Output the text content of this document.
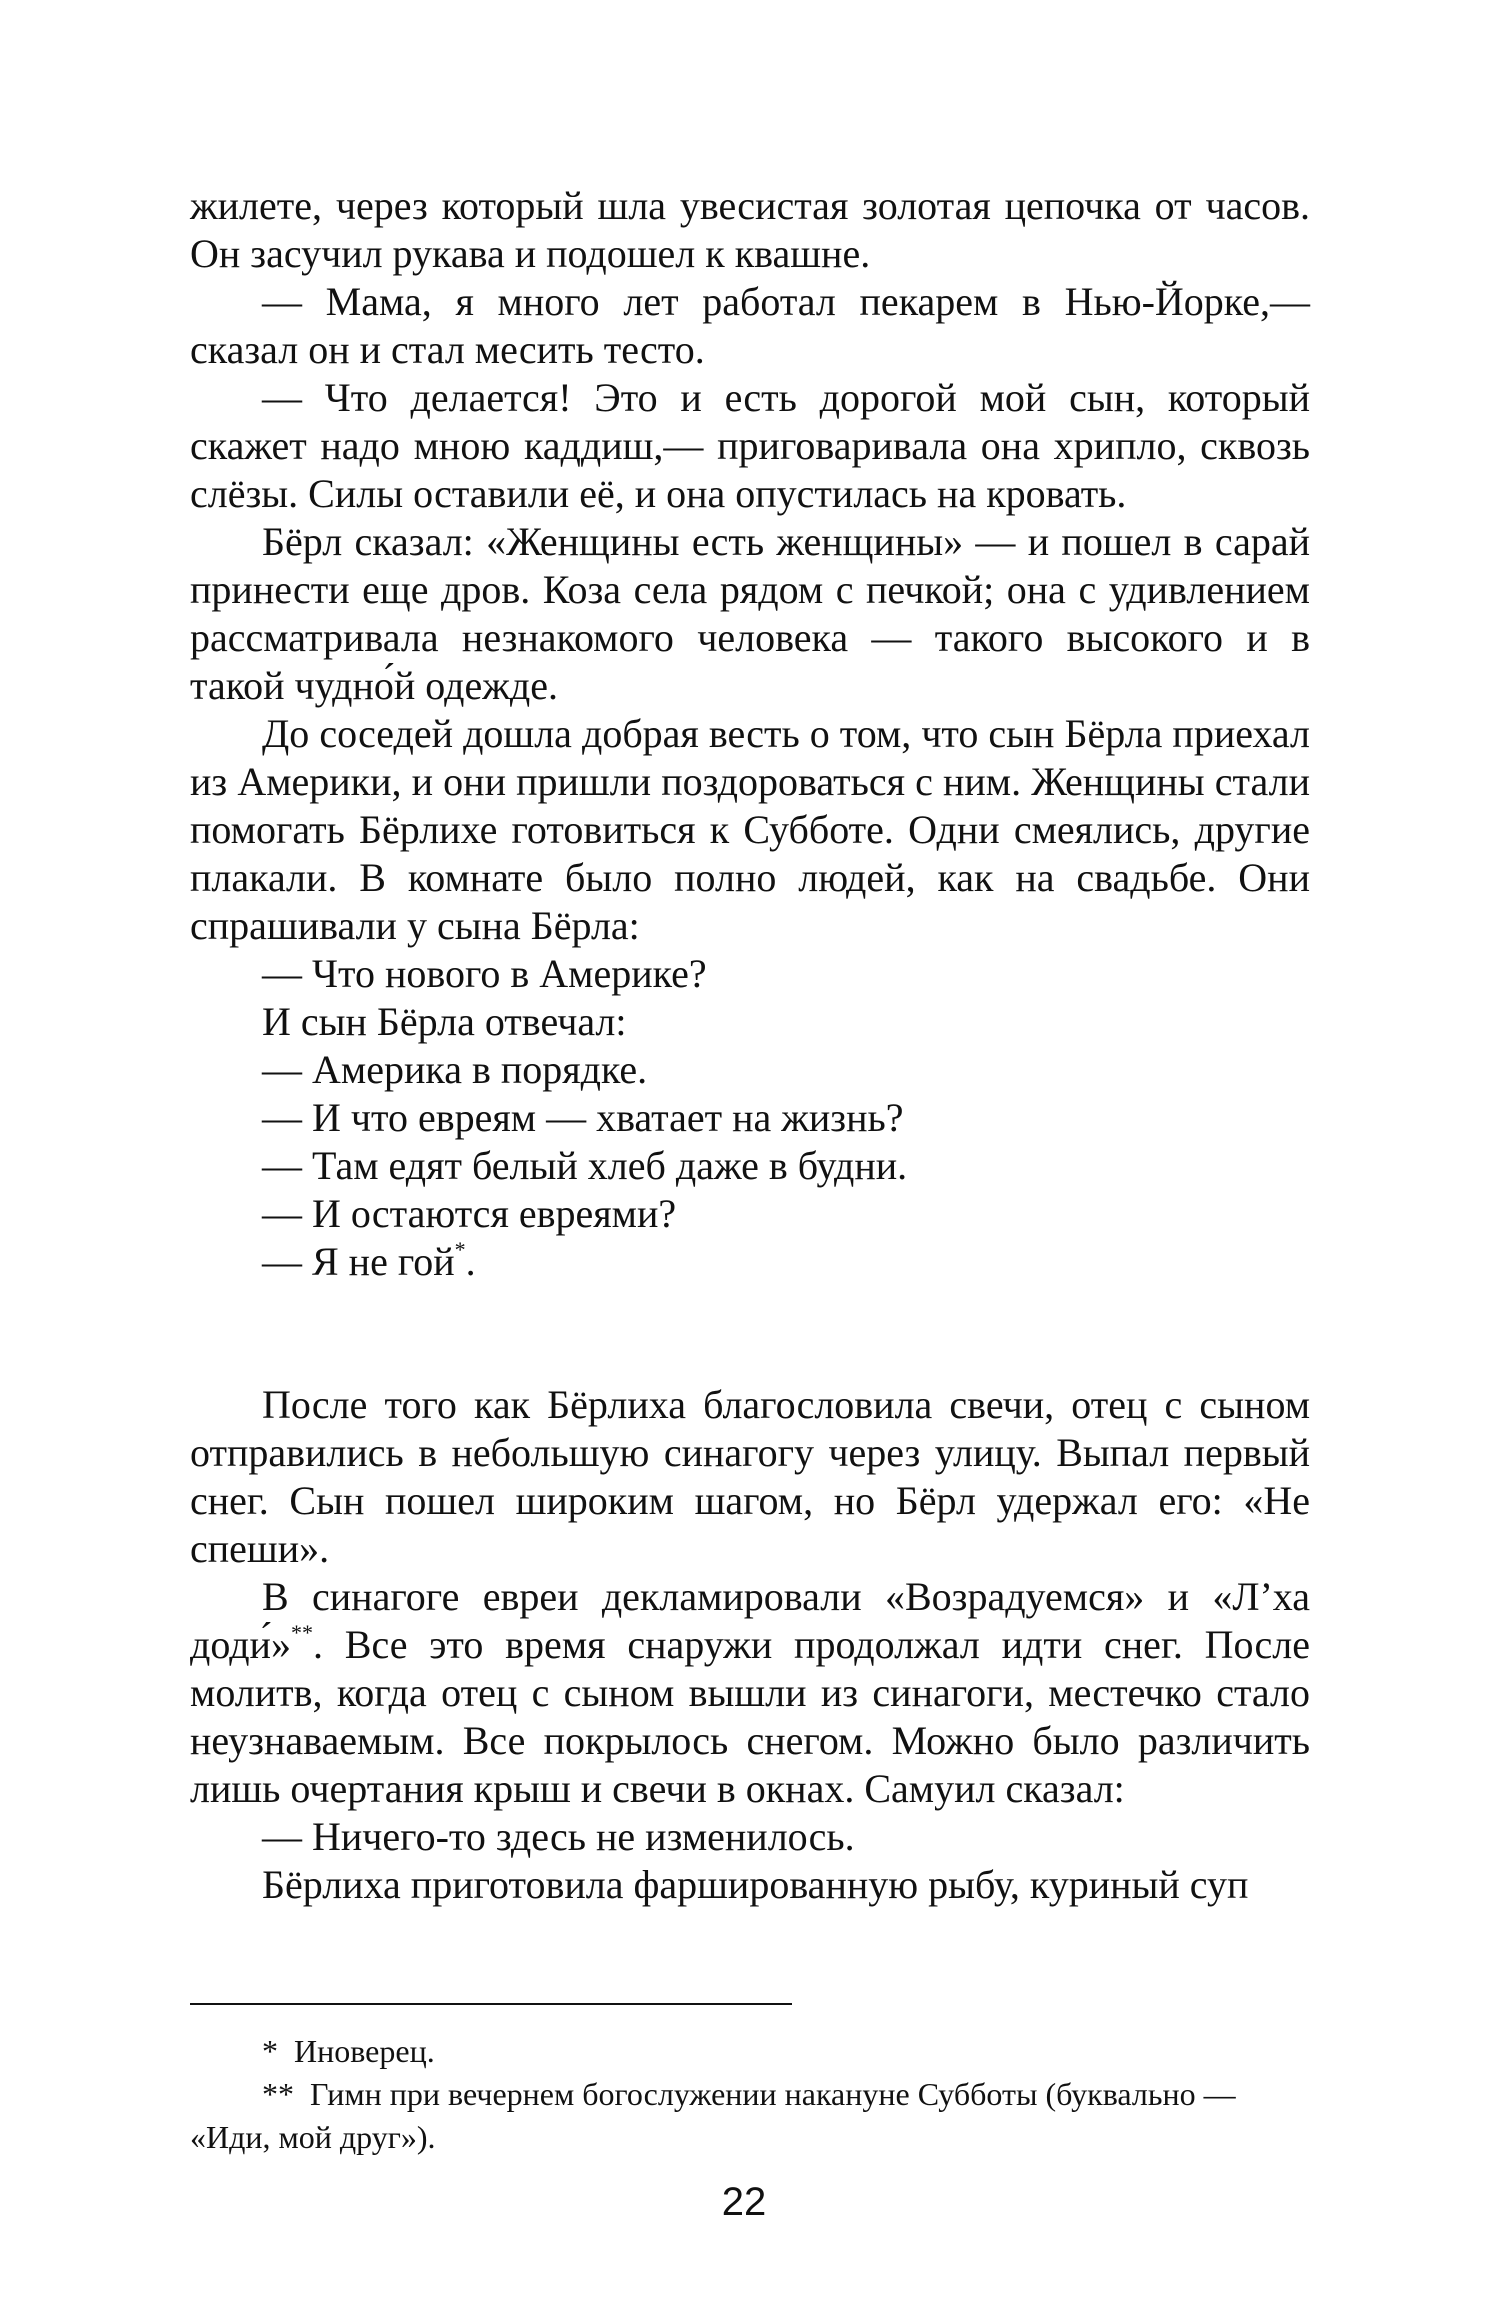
жилете, через который шла увесистая золотая цепочка от часов. Он засучил рукава и подошел к квашне.

— Мама, я много лет работал пекарем в Нью-Йорке,— сказал он и стал месить тесто.

— Что делается! Это и есть дорогой мой сын, который скажет надо мною каддиш,— приговаривала она хрипло, сквозь слёзы. Силы оставили её, и она опустилась на кровать.

Бёрл сказал: «Женщины есть женщины» — и пошел в сарай принести еще дров. Коза села рядом с печкой; она с удивлением рассматривала незнакомого человека — такого высокого и в такой чудно́й одежде.

До соседей дошла добрая весть о том, что сын Бёрла приехал из Америки, и они пришли поздороваться с ним. Женщины стали помогать Бёрлихе готовиться к Субботе. Одни смеялись, другие плакали. В комнате было полно людей, как на свадьбе. Они спрашивали у сына Бёрла:

— Что нового в Америке?

И сын Бёрла отвечал:

— Америка в порядке.

— И что евреям — хватает на жизнь?

— Там едят белый хлеб даже в будни.

— И остаются евреями?

— Я не гой*.

После того как Бёрлиха благословила свечи, отец с сыном отправились в небольшую синагогу через улицу. Выпал первый снег. Сын пошел широким шагом, но Бёрл удержал его: «Не спеши».

В синагоге евреи декламировали «Возрадуемся» и «Л’ха доди́»**. Все это время снаружи продолжал идти снег. После молитв, когда отец с сыном вышли из синагоги, местечко стало неузнаваемым. Все покрылось снегом. Можно было различить лишь очертания крыш и свечи в окнах. Самуил сказал:

— Ничего-то здесь не изменилось.

Бёрлиха приготовила фаршированную рыбу, куриный суп

* Иноверец.

** Гимн при вечернем богослужении накануне Субботы (буквально — «Иди, мой друг»).

22
